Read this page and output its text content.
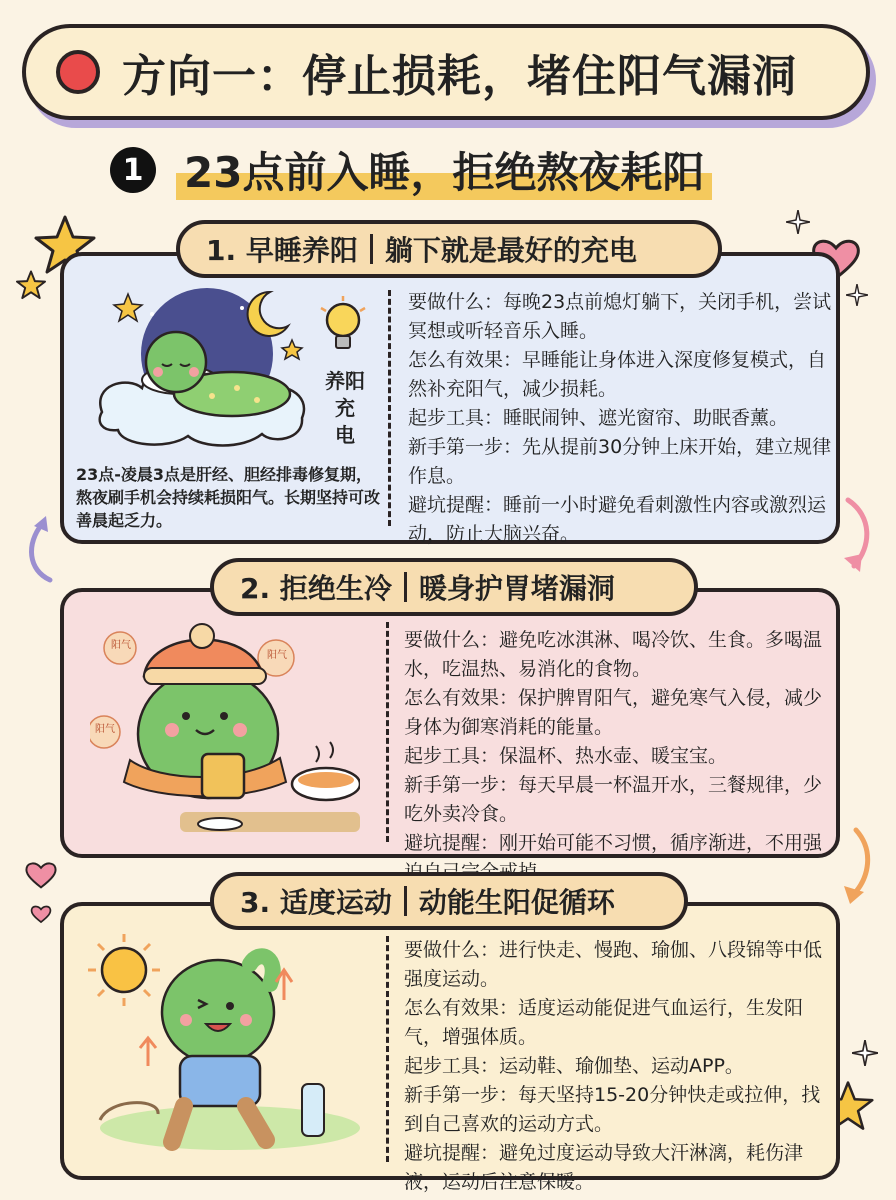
方向一：停止损耗，堵住阳气漏洞
1 23点前入睡，拒绝熬夜耗阳
1. 早睡养阳 躺下就是最好的充电
养阳
充
电
23点-凌晨3点是肝经、胆经排毒修复期，熬夜刷手机会持续耗损阳气。长期坚持可改善晨起乏力。

要做什么：每晚23点前熄灯躺下，关闭手机，尝试冥想或听轻音乐入睡。

怎么有效果：早睡能让身体进入深度修复模式，自然补充阳气，减少损耗。

起步工具：睡眠闹钟、遮光窗帘、助眠香薰。

新手第一步：先从提前30分钟上床开始，建立规律作息。

避坑提醒：睡前一小时避免看刺激性内容或激烈运动，防止大脑兴奋。

2. 拒绝生冷 暖身护胃堵漏洞
阳气
阳气
阳气

要做什么：避免吃冰淇淋、喝冷饮、生食。多喝温水，吃温热、易消化的食物。

怎么有效果：保护脾胃阳气，避免寒气入侵，减少身体为御寒消耗的能量。

起步工具：保温杯、热水壶、暖宝宝。

新手第一步：每天早晨一杯温开水，三餐规律，少吃外卖冷食。

避坑提醒：刚开始可能不习惯，循序渐进，不用强

3. 适度运动 动能生阳促循环

要做什么：进行快走、慢跑、瑜伽、八段锦等中低强度运动。

怎么有效果：适度运动能促进气血运行，生发阳气，增强体质。

起步工具：运动鞋、瑜伽垫、运动APP。

新手第一步：每天坚持15-20分钟快走或拉伸，找到自己喜欢的运动方式。

避坑提醒：避免过度运动导致大汗淋漓，耗伤津液，运动后注意保暖。
